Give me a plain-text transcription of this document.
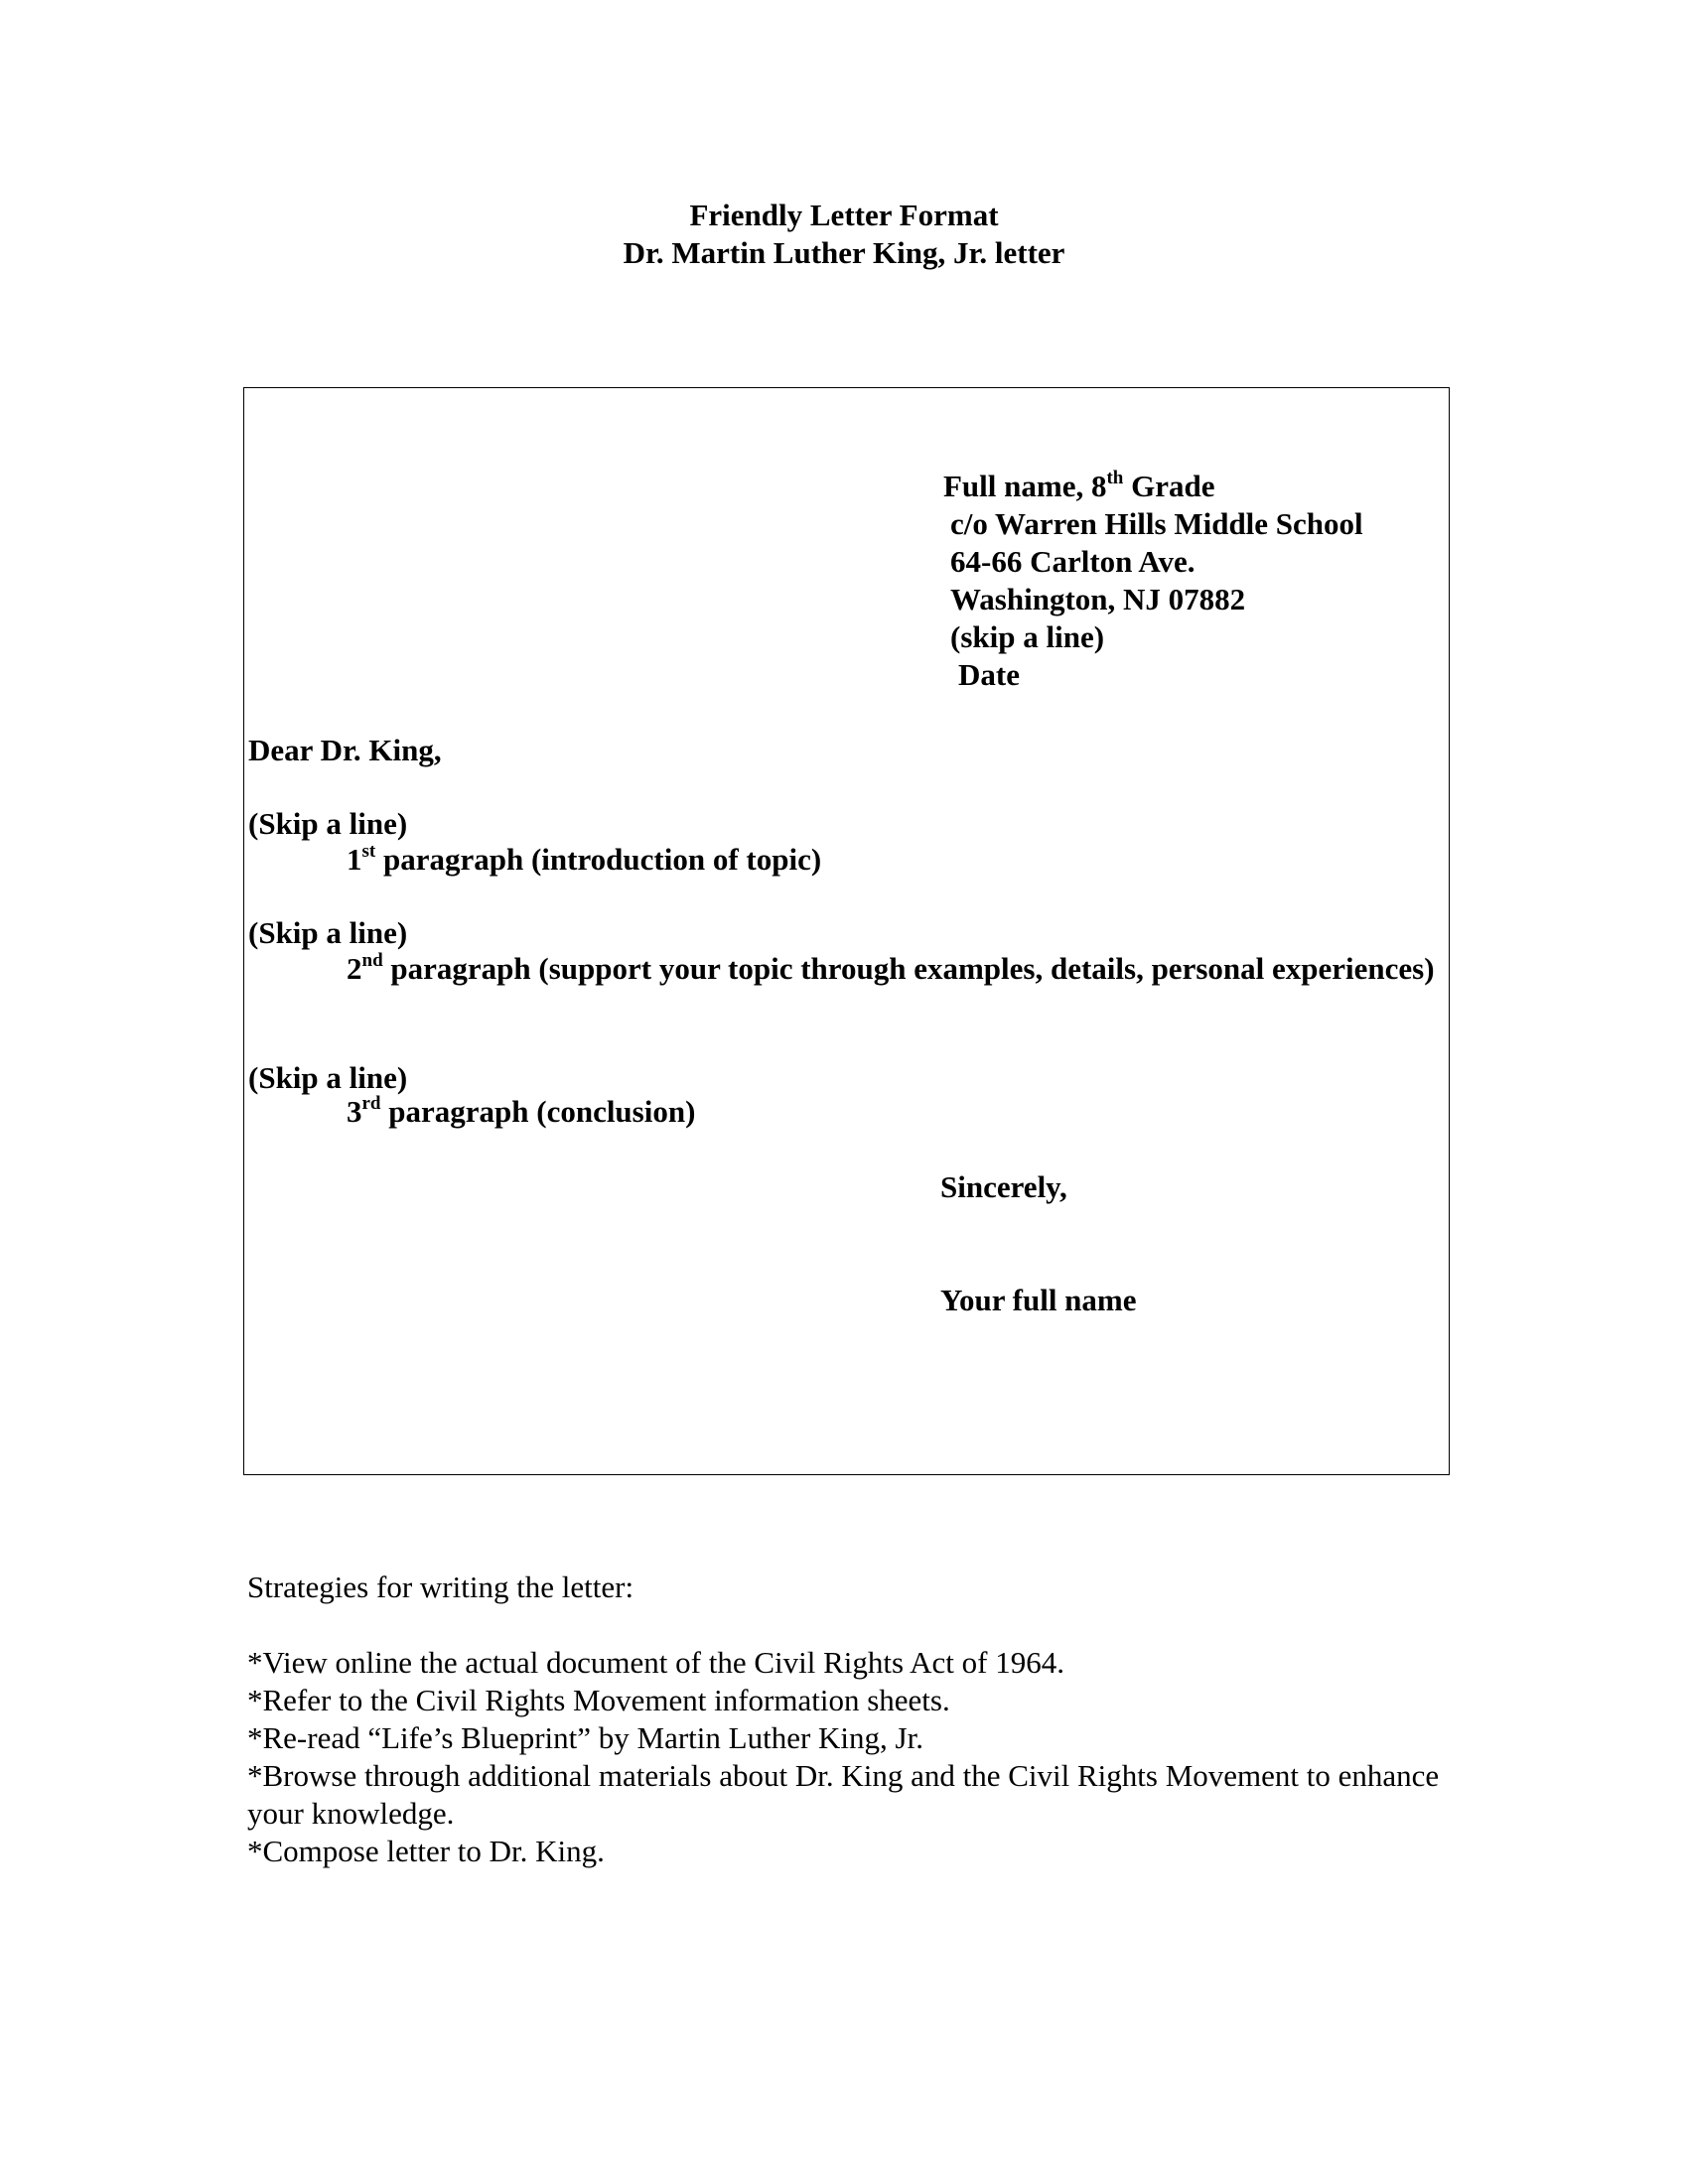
Friendly Letter Format
Dr. Martin Luther King, Jr. letter
Full name, 8th Grade
c/o Warren Hills Middle School
64-66 Carlton Ave.
Washington, NJ 07882
(skip a line)
Date
Dear Dr. King,
(Skip a line)
1st paragraph (introduction of topic)
(Skip a line)
2nd paragraph (support your topic through examples, details, personal experiences)
(Skip a line)
3rd paragraph (conclusion)
Sincerely,
Your full name
Strategies for writing the letter:
*View online the actual document of the Civil Rights Act of 1964.
*Refer to the Civil Rights Movement information sheets.
*Re-read “Life’s Blueprint” by Martin Luther King, Jr.
*Browse through additional materials about Dr. King and the Civil Rights Movement to enhance your knowledge.
*Compose letter to Dr. King.
